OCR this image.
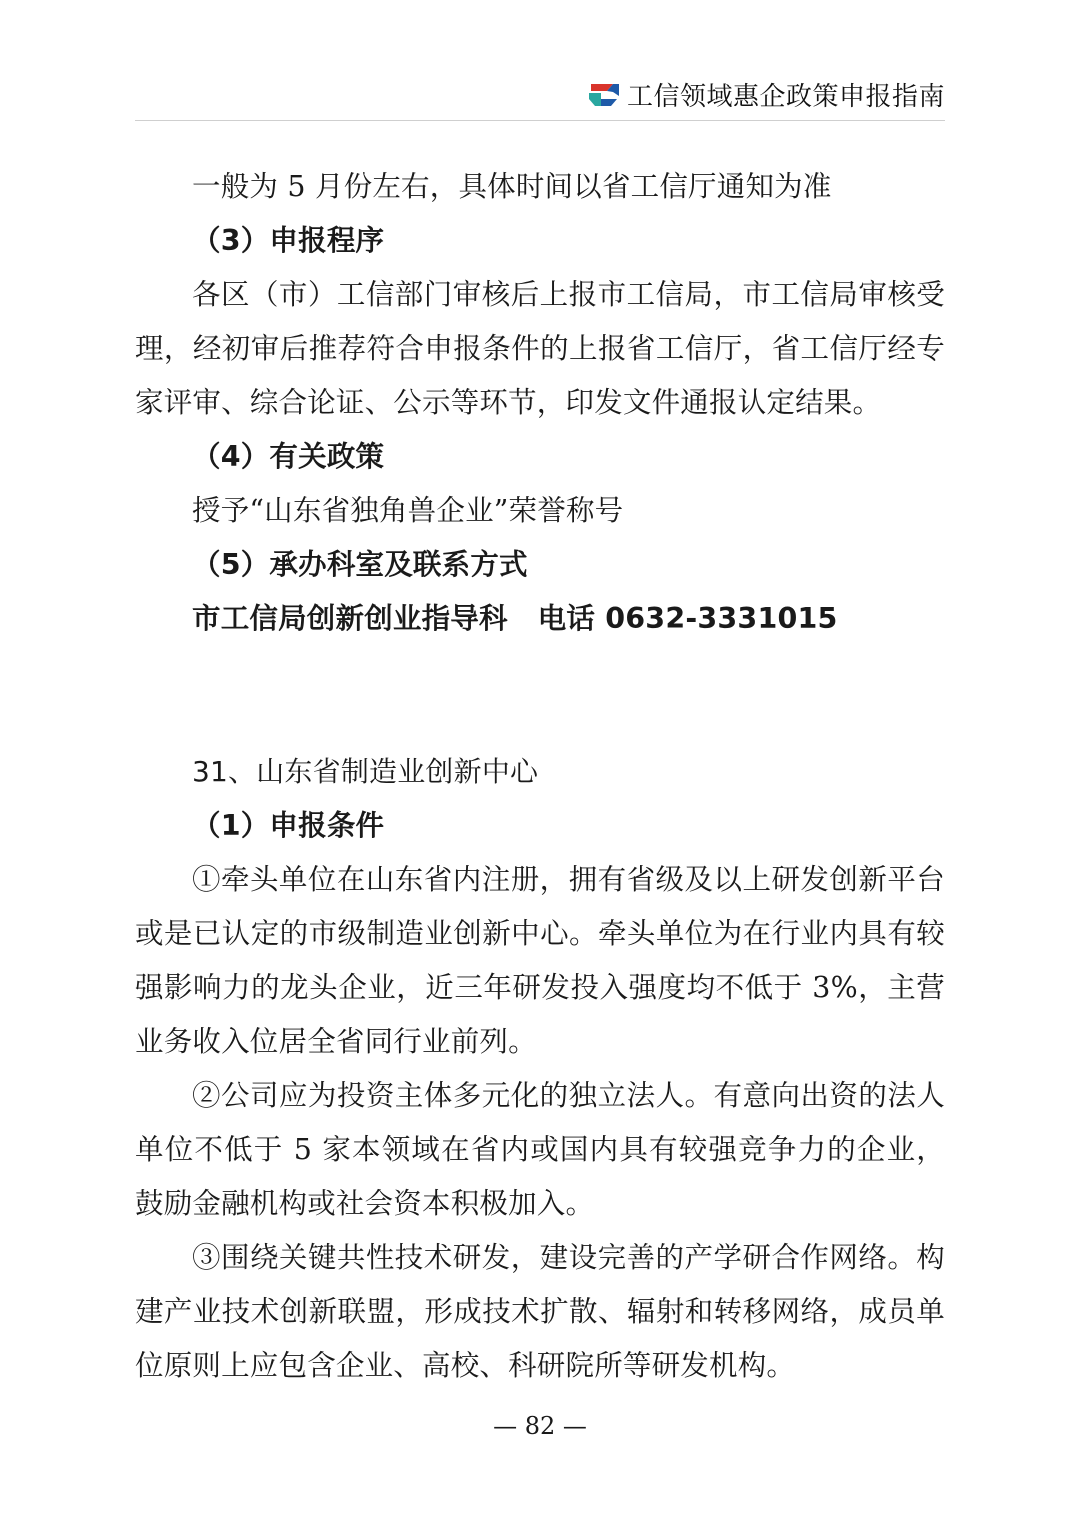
工信领域惠企政策申报指南
一般为 5 月份左右，具体时间以省工信厅通知为准
（3）申报程序

各区（市）工信部门审核后上报市工信局，市工信局审核受理，经初审后推荐符合申报条件的上报省工信厅，省工信厅经专家评审、综合论证、公示等环节，印发文件通报认定结果。

（4）有关政策
授予“山东省独角兽企业”荣誉称号
（5）承办科室及联系方式
市工信局创新创业指导科 电话 0632-3331015
31、山东省制造业创新中心
（1）申报条件

①牵头单位在山东省内注册，拥有省级及以上研发创新平台或是已认定的市级制造业创新中心。牵头单位为在行业内具有较强影响力的龙头企业，近三年研发投入强度均不低于 3%，主营业务收入位居全省同行业前列。

②公司应为投资主体多元化的独立法人。有意向出资的法人单位不低于 5 家本领域在省内或国内具有较强竞争力的企业，鼓励金融机构或社会资本积极加入。

③围绕关键共性技术研发，建设完善的产学研合作网络。构建产业技术创新联盟，形成技术扩散、辐射和转移网络，成员单位原则上应包含企业、高校、科研院所等研发机构。

— 82 —
